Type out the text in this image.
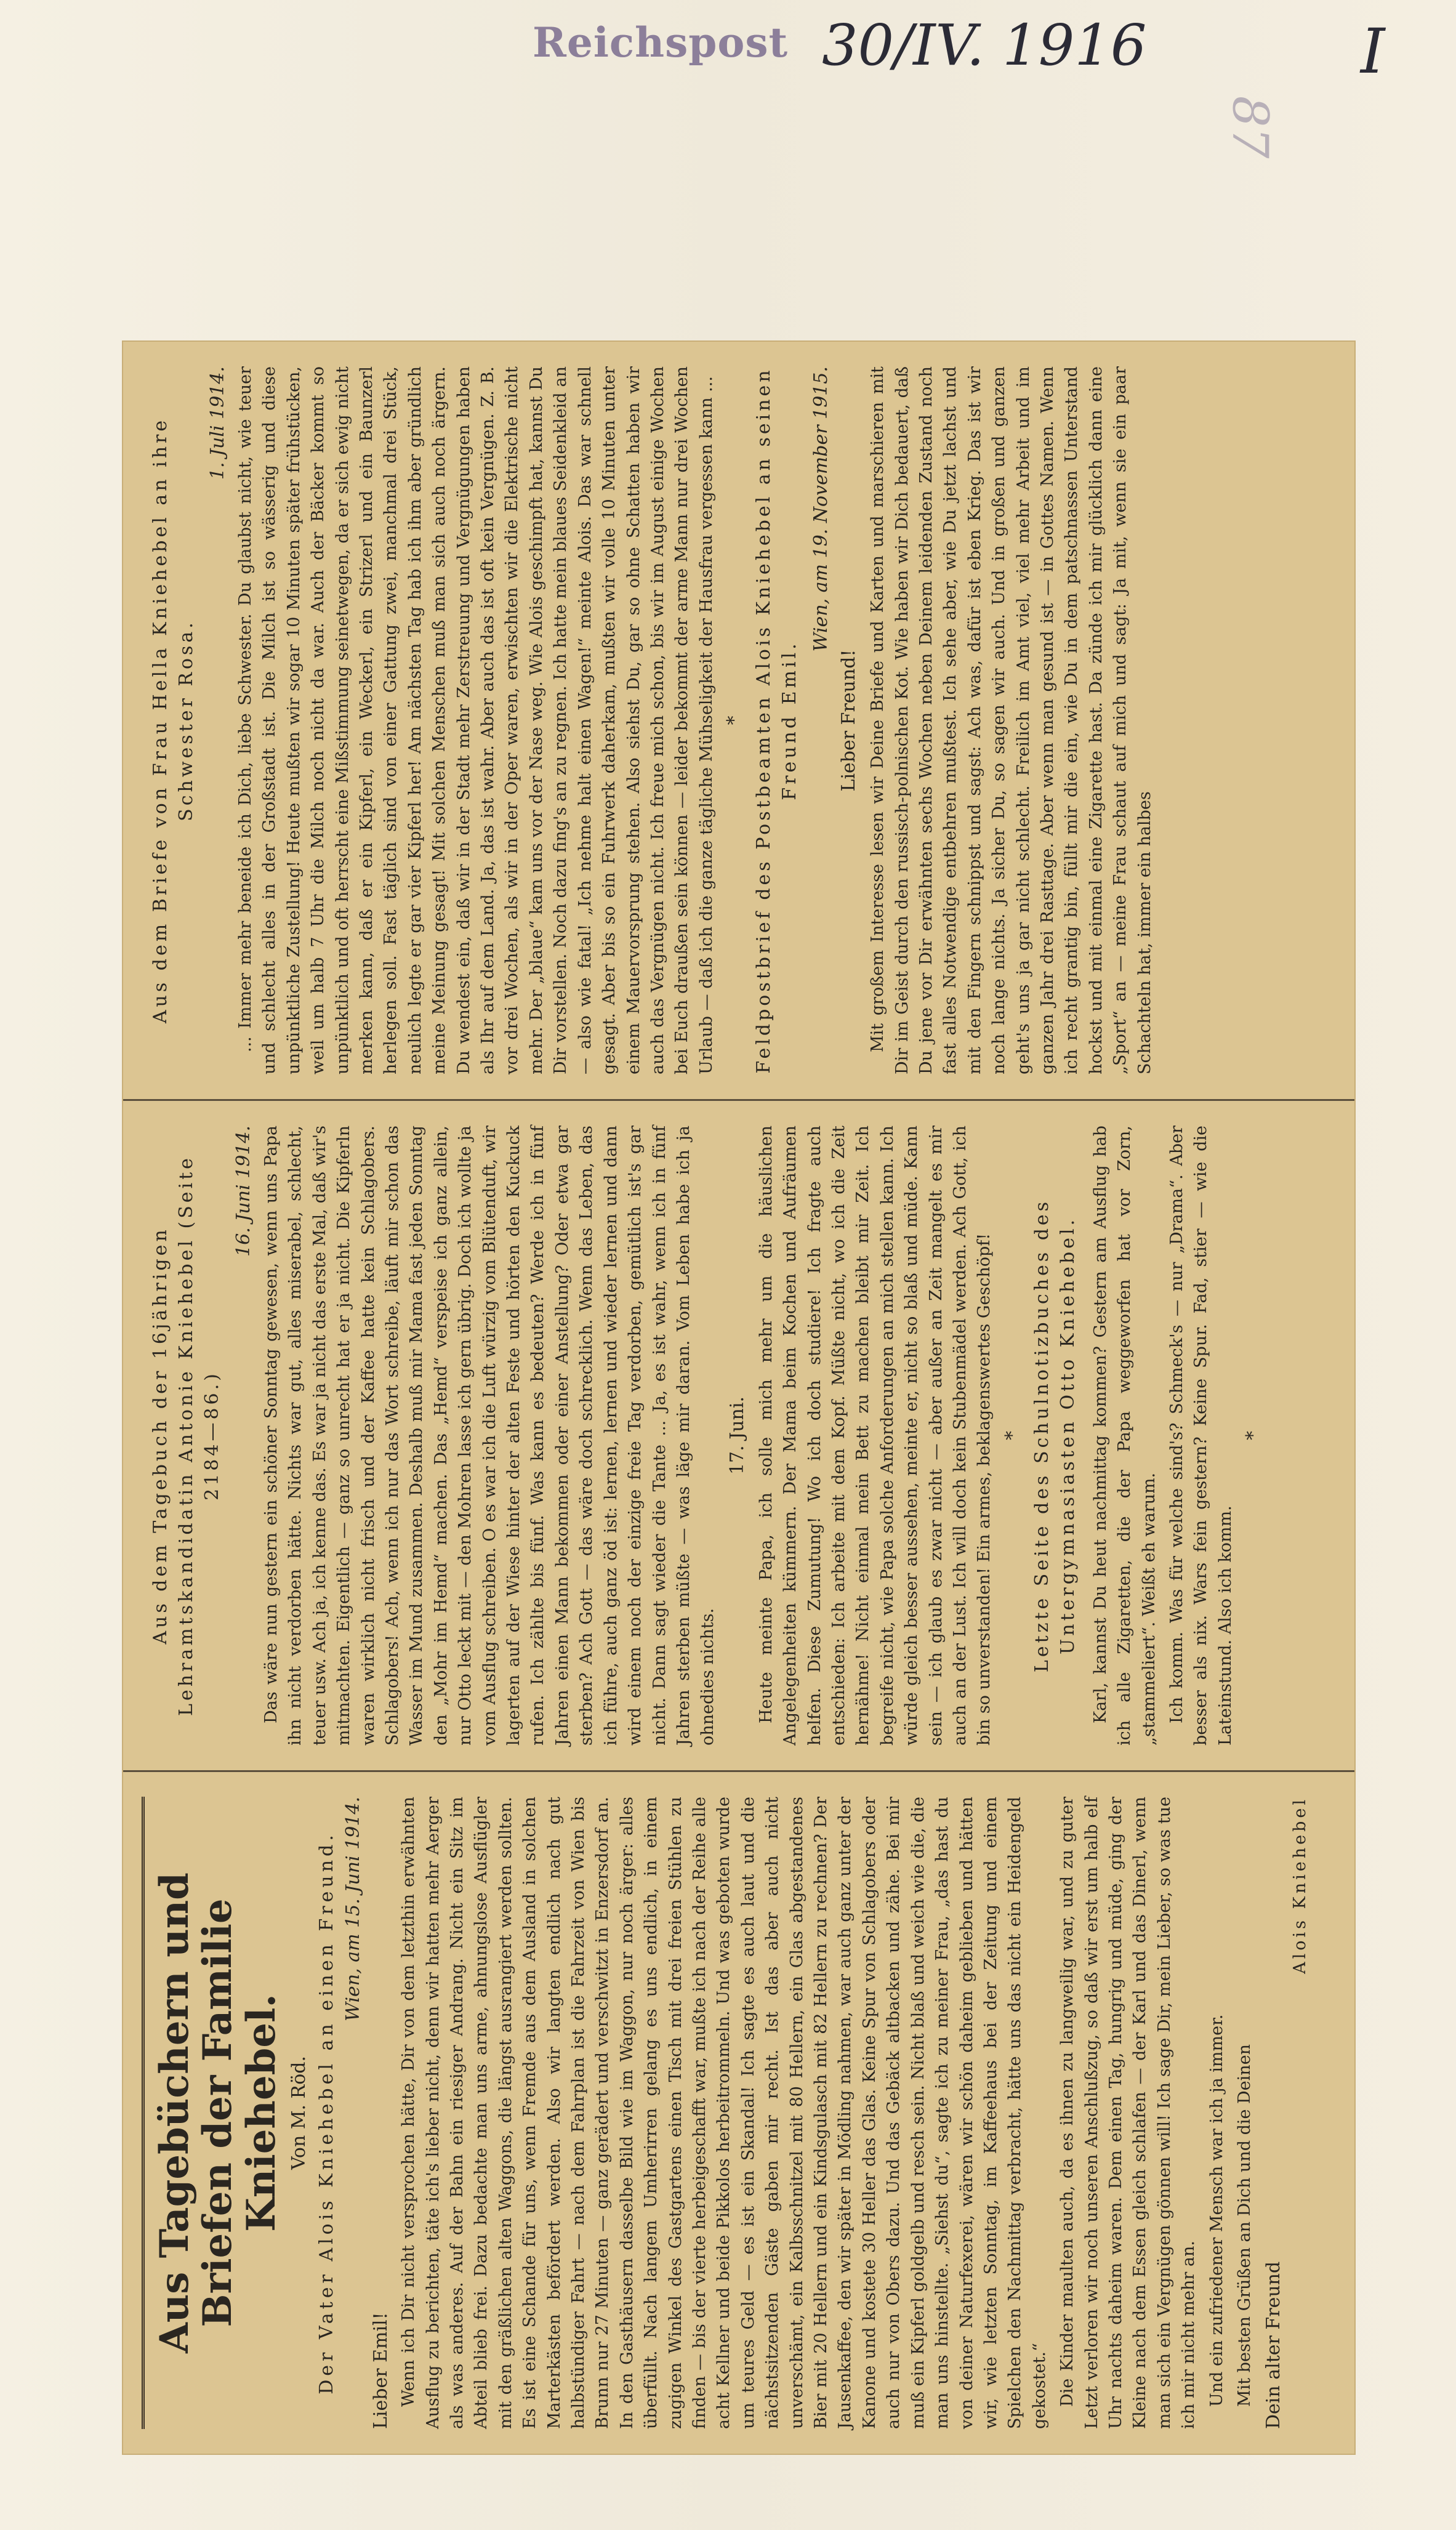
Reichspost 30/IV. 1916	I
87
Aus Tagebüchern und Briefen der Familie Kniehebel. Von M. Röd. Der Vater Alois Kniehebel an einen Freund. Wien, am 15. Juni 1914.
Lieber Emil! Wenn ich Dir nicht versprochen hätte, Dir von dem letzthin erwähnten Ausflug zu berichten, täte ich's lieber nicht, denn wir hatten mehr Aerger als was anderes. Auf der Bahn ein riesiger Andrang. Nicht ein Sitz im Abteil blieb frei. Dazu bedachte man uns arme, ahnungslose Ausflügler mit den gräßlichen alten Waggons, die längst ausrangiert werden sollten. Es ist eine Schande für uns, wenn Fremde aus dem Ausland in solchen Marterkästen befördert werden. Also wir langten endlich nach gut halbstündiger Fahrt — nach dem Fahrplan ist die Fahrzeit von Wien bis Brunn nur 27 Minuten — ganz gerädert und verschwitzt in Enzersdorf an. In den Gasthäusern dasselbe Bild wie im Waggon, nur noch ärger: alles überfüllt. Nach langem Umherirren gelang es uns endlich, in einem zugigen Winkel des Gastgartens einen Tisch mit drei freien Stühlen zu finden — bis der vierte herbeigeschafft war, mußte ich nach der Reihe alle acht Kellner und beide Pikkolos herbeitrommeln. Und was geboten wurde um teures Geld — es ist ein Skandal! Ich sagte es auch laut und die nächstsitzenden Gäste gaben mir recht. Ist das aber auch nicht unverschämt, ein Kalbsschnitzel mit 80 Hellern, ein Glas abgestandenes Bier mit 20 Hellern und ein Kindsgulasch mit 82 Hellern zu rechnen? Der Jausenkaffee, den wir später in Mödling nahmen, war auch ganz unter der Kanone und kostete 30 Heller das Glas. Keine Spur von Schlagobers oder auch nur von Obers dazu. Und das Gebäck altbacken und zähe. Bei mir muß ein Kipferl goldgelb und resch sein. Nicht blaß und weich wie die, die man uns hinstellte. „Siehst du“, sagte ich zu meiner Frau, „das hast du von deiner Naturfexerei, wären wir schön daheim geblieben und hätten wir, wie letzten Sonntag, im Kaffeehaus bei der Zeitung und einem Spielchen den Nachmittag verbracht, hätte uns das nicht ein Heidengeld gekostet.“ Die Kinder maulten auch, da es ihnen zu langweilig war, und zu guter Letzt verloren wir noch unseren Anschlußzug, so daß wir erst um halb elf Uhr nachts daheim waren. Dem einen Tag, hungrig und müde, ging der Kleine nach dem Essen gleich schlafen — der Karl und das Dinerl, wenn man sich ein Vergnügen gönnen will! Ich sage Dir, mein Lieber, so was tue ich mir nicht mehr an. Und ein zufriedener Mensch war ich ja immer. Mit besten Grüßen an Dich und die Deinen Dein alter Freund
Alois Kniehebel
Aus dem Tagebuch der 16jährigen Lehramtskandidatin Antonie Kniehebel (Seite 2184—86.)
16. Juni 1914. Das wäre nun gestern ein schöner Sonntag gewesen, wenn uns Papa ihn nicht verdorben hätte. Nichts war gut, alles miserabel, schlecht, teuer usw. Ach ja, ich kenne das. Es war ja nicht das erste Mal, daß wir's mitmachten. Eigentlich — ganz so unrecht hat er ja nicht. Die Kipferln waren wirklich nicht frisch und der Kaffee hatte kein Schlagobers. Schlagobers! Ach, wenn ich nur das Wort schreibe, läuft mir schon das Wasser im Mund zusammen. Deshalb muß mir Mama fast jeden Sonntag den „Mohr im Hemd“ machen. Das „Hemd“ verspeise ich ganz allein, nur Otto leckt mit — den Mohren lasse ich gern übrig. Doch ich wollte ja vom Ausflug schreiben. O es war ich die Luft würzig vom Blütenduft, wir lagerten auf der Wiese hinter der alten Feste und hörten den Kuckuck rufen. Ich zählte bis fünf. Was kann es bedeuten? Werde ich in fünf Jahren einen Mann bekommen oder einer Anstellung? Oder etwa gar sterben? Ach Gott — das wäre doch schrecklich. Wenn das Leben, das ich führe, auch ganz öd ist: lernen, lernen und wieder lernen und dann wird einem noch der einzige freie Tag verdorben, gemütlich ist's gar nicht. Dann sagt wieder die Tante ... Ja, es ist wahr, wenn ich in fünf Jahren sterben müßte — was läge mir daran. Vom Leben habe ich ja ohnedies nichts.

17. Juni. Heute meinte Papa, ich solle mich mehr um die häuslichen Angelegenheiten kümmern. Der Mama beim Kochen und Aufräumen helfen. Diese Zumutung! Wo ich doch studiere! Ich fragte auch entschieden: Ich arbeite mit dem Kopf. Müßte nicht, wo ich die Zeit hernähme! Nicht einmal mein Bett zu machen bleibt mir Zeit. Ich begreife nicht, wie Papa solche Anforderungen an mich stellen kann. Ich würde gleich besser aussehen, meinte er, nicht so blaß und müde. Kann sein — ich glaub es zwar nicht — aber außer an Zeit mangelt es mir auch an der Lust. Ich will doch kein Stubenmädel werden. Ach Gott, ich bin so unverstanden! Ein armes, beklagenswertes Geschöpf! * Letzte Seite des Schulnotizbuches des Untergymnasiasten Otto Kniehebel. Karl, kannst Du heut nachmittag kommen? Gestern am Ausflug hab ich alle Zigaretten, die der Papa weggeworfen hat vor Zorn, „stammeliert“. Weißt eh warum. Ich komm. Was für welche sind's? Schmeck's — nur „Drama“. Aber besser als nix. Wars fein gestern? Keine Spur. Fad, stier — wie die Lateinstund. Also ich komm.

*
Aus dem Briefe von Frau Hella Kniehebel an ihre Schwester Rosa.
1. Juli 1914. ... Immer mehr beneide ich Dich, liebe Schwester. Du glaubst nicht, wie teuer und schlecht alles in der Großstadt ist. Die Milch ist so wässerig und diese unpünktliche Zustellung! Heute mußten wir sogar 10 Minuten später frühstücken, weil um halb 7 Uhr die Milch noch nicht da war. Auch der Bäcker kommt so unpünktlich und oft herrscht eine Mißstimmung seinetwegen, da er sich ewig nicht merken kann, daß er ein Kipferl, ein Weckerl, ein Strizerl und ein Baunzerl herlegen soll. Fast täglich sind von einer Gattung zwei, manchmal drei Stück, neulich legte er gar vier Kipferl her! Am nächsten Tag hab ich ihm aber gründlich meine Meinung gesagt! Mit solchen Menschen muß man sich auch noch ärgern. Du wendest ein, daß wir in der Stadt mehr Zerstreuung und Vergnügungen haben als Ihr auf dem Land. Ja, das ist wahr. Aber auch das ist oft kein Vergnügen. Z. B. vor drei Wochen, als wir in der Oper waren, erwischten wir die Elektrische nicht mehr. Der „blaue“ kam uns vor der Nase weg. Wie Alois geschimpft hat, kannst Du Dir vorstellen. Noch dazu fing's an zu regnen. Ich hatte mein blaues Seidenkleid an — also wie fatal! „Ich nehme halt einen Wagen!“ meinte Alois. Das war schnell gesagt. Aber bis so ein Fuhrwerk daherkam, mußten wir volle 10 Minuten unter einem Mauervorsprung stehen. Also siehst Du, gar so ohne Schatten haben wir auch das Vergnügen nicht. Ich freue mich schon, bis wir im August einige Wochen bei Euch draußen sein können — leider bekommt der arme Mann nur drei Wochen Urlaub — daß ich die ganze tägliche Mühseligkeit der Hausfrau vergessen kann ... * Feldpostbrief des Postbeamten Alois Kniehebel an seinen Freund Emil.
Wien, am 19. November 1915.
Lieber Freund! Mit großem Interesse lesen wir Deine Briefe und Karten und marschieren mit Dir im Geist durch den russisch-polnischen Kot. Wie haben wir Dich bedauert, daß Du jene vor Dir erwähnten sechs Wochen neben Deinem leidenden Zustand noch fast alles Notwendige entbehren mußtest. Ich sehe aber, wie Du jetzt lachst und mit den Fingern schnippst und sagst: Ach was, dafür ist eben Krieg. Das ist wir noch lange nichts. Ja sicher Du, so sagen wir auch. Und in großen und ganzen geht's uns ja gar nicht schlecht. Freilich im Amt viel, viel mehr Arbeit und im ganzen Jahr drei Rasttage. Aber wenn man gesund ist — in Gottes Namen. Wenn ich recht grantig bin, füllt mir die ein, wie Du in dem patschnassen Unterstand hockst und mit einmal eine Zigarette hast. Da zünde ich mir glücklich dann eine „Sport“ an — meine Frau schaut auf mich und sagt: Ja mit, wenn sie ein paar Schachteln hat, immer ein halbes
